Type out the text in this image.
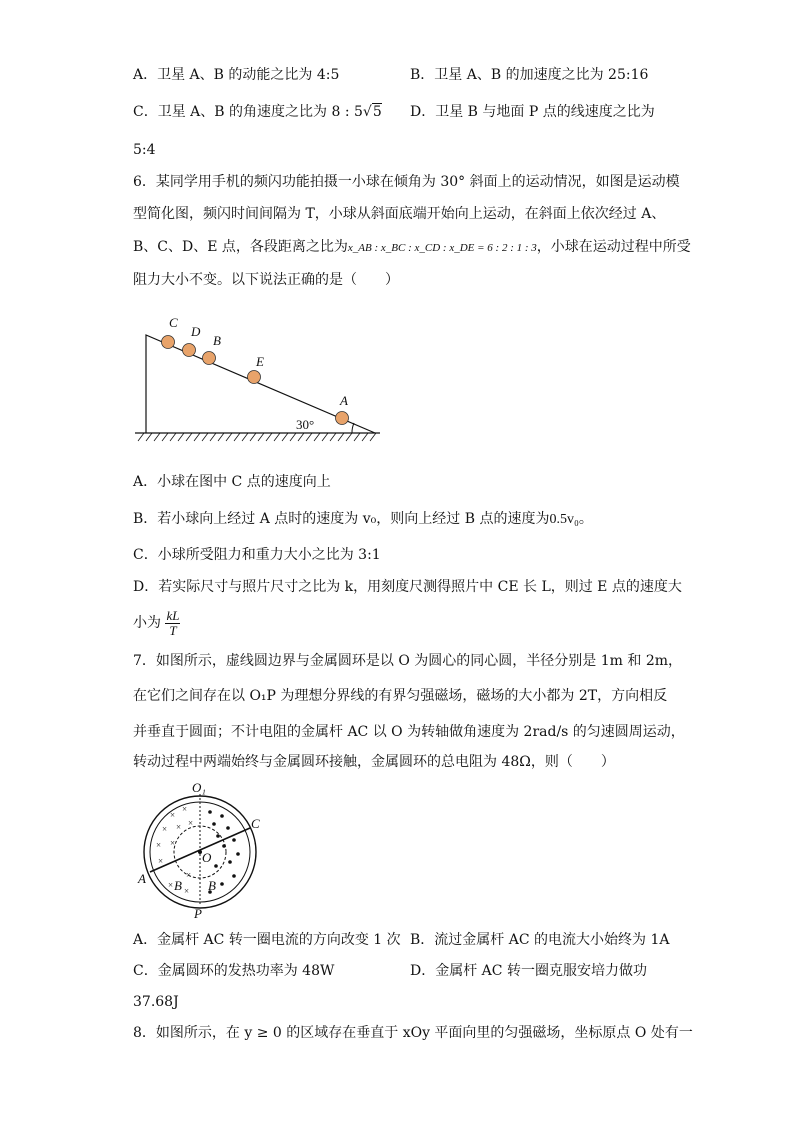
A．卫星 A、B 的动能之比为 4:5	B．卫星 A、B 的加速度之比为 25:16
C．卫星 A、B 的角速度之比为 8 : 5√5 D．卫星 B 与地面 P 点的线速度之比为
5:4
6．某同学用手机的频闪功能拍摄一小球在倾角为 30° 斜面上的运动情况，如图是运动模
型简化图，频闪时间间隔为 T，小球从斜面底端开始向上运动，在斜面上依次经过 A、
B、C、D、E 点，各段距离之比为x_AB : x_BC : x_CD : x_DE = 6 : 2 : 1 : 3，小球在运动过程中所受
阻力大小不变。以下说法正确的是（　　）
30°
C
D
B
E
A
A．小球在图中 C 点的速度向上
B．若小球向上经过 A 点时的速度为 v₀，则向上经过 B 点的速度为0.5v₀。
C．小球所受阻力和重力大小之比为 3:1
D．若实际尺寸与照片尺寸之比为 k，用刻度尺测得照片中 CE 长 L，则过 E 点的速度大
小为 $\frac{kL}{T}$
7．如图所示，虚线圆边界与金属圆环是以 O 为圆心的同心圆，半径分别是 1m 和 2m，
在它们之间存在以 O₁P 为理想分界线的有界匀强磁场，磁场的大小都为 2T，方向相反
并垂直于圆面；不计电阻的金属杆 AC 以 O 为转轴做角速度为 2rad/s 的匀速圆周运动，
转动过程中两端始终与金属圆环接触，金属圆环的总电阻为 48Ω，则（　　）
×
×
× × ×
× ×
×
×
×
×
O₁
C
O
A B B
P
A．金属杆 AC 转一圈电流的方向改变 1 次 B．流过金属杆 AC 的电流大小始终为 1A
C．金属圆环的发热功率为 48W	D．金属杆 AC 转一圈克服安培力做功
37.68J
8．如图所示，在 y ≥ 0 的区域存在垂直于 xOy 平面向里的匀强磁场，坐标原点 O 处有一
